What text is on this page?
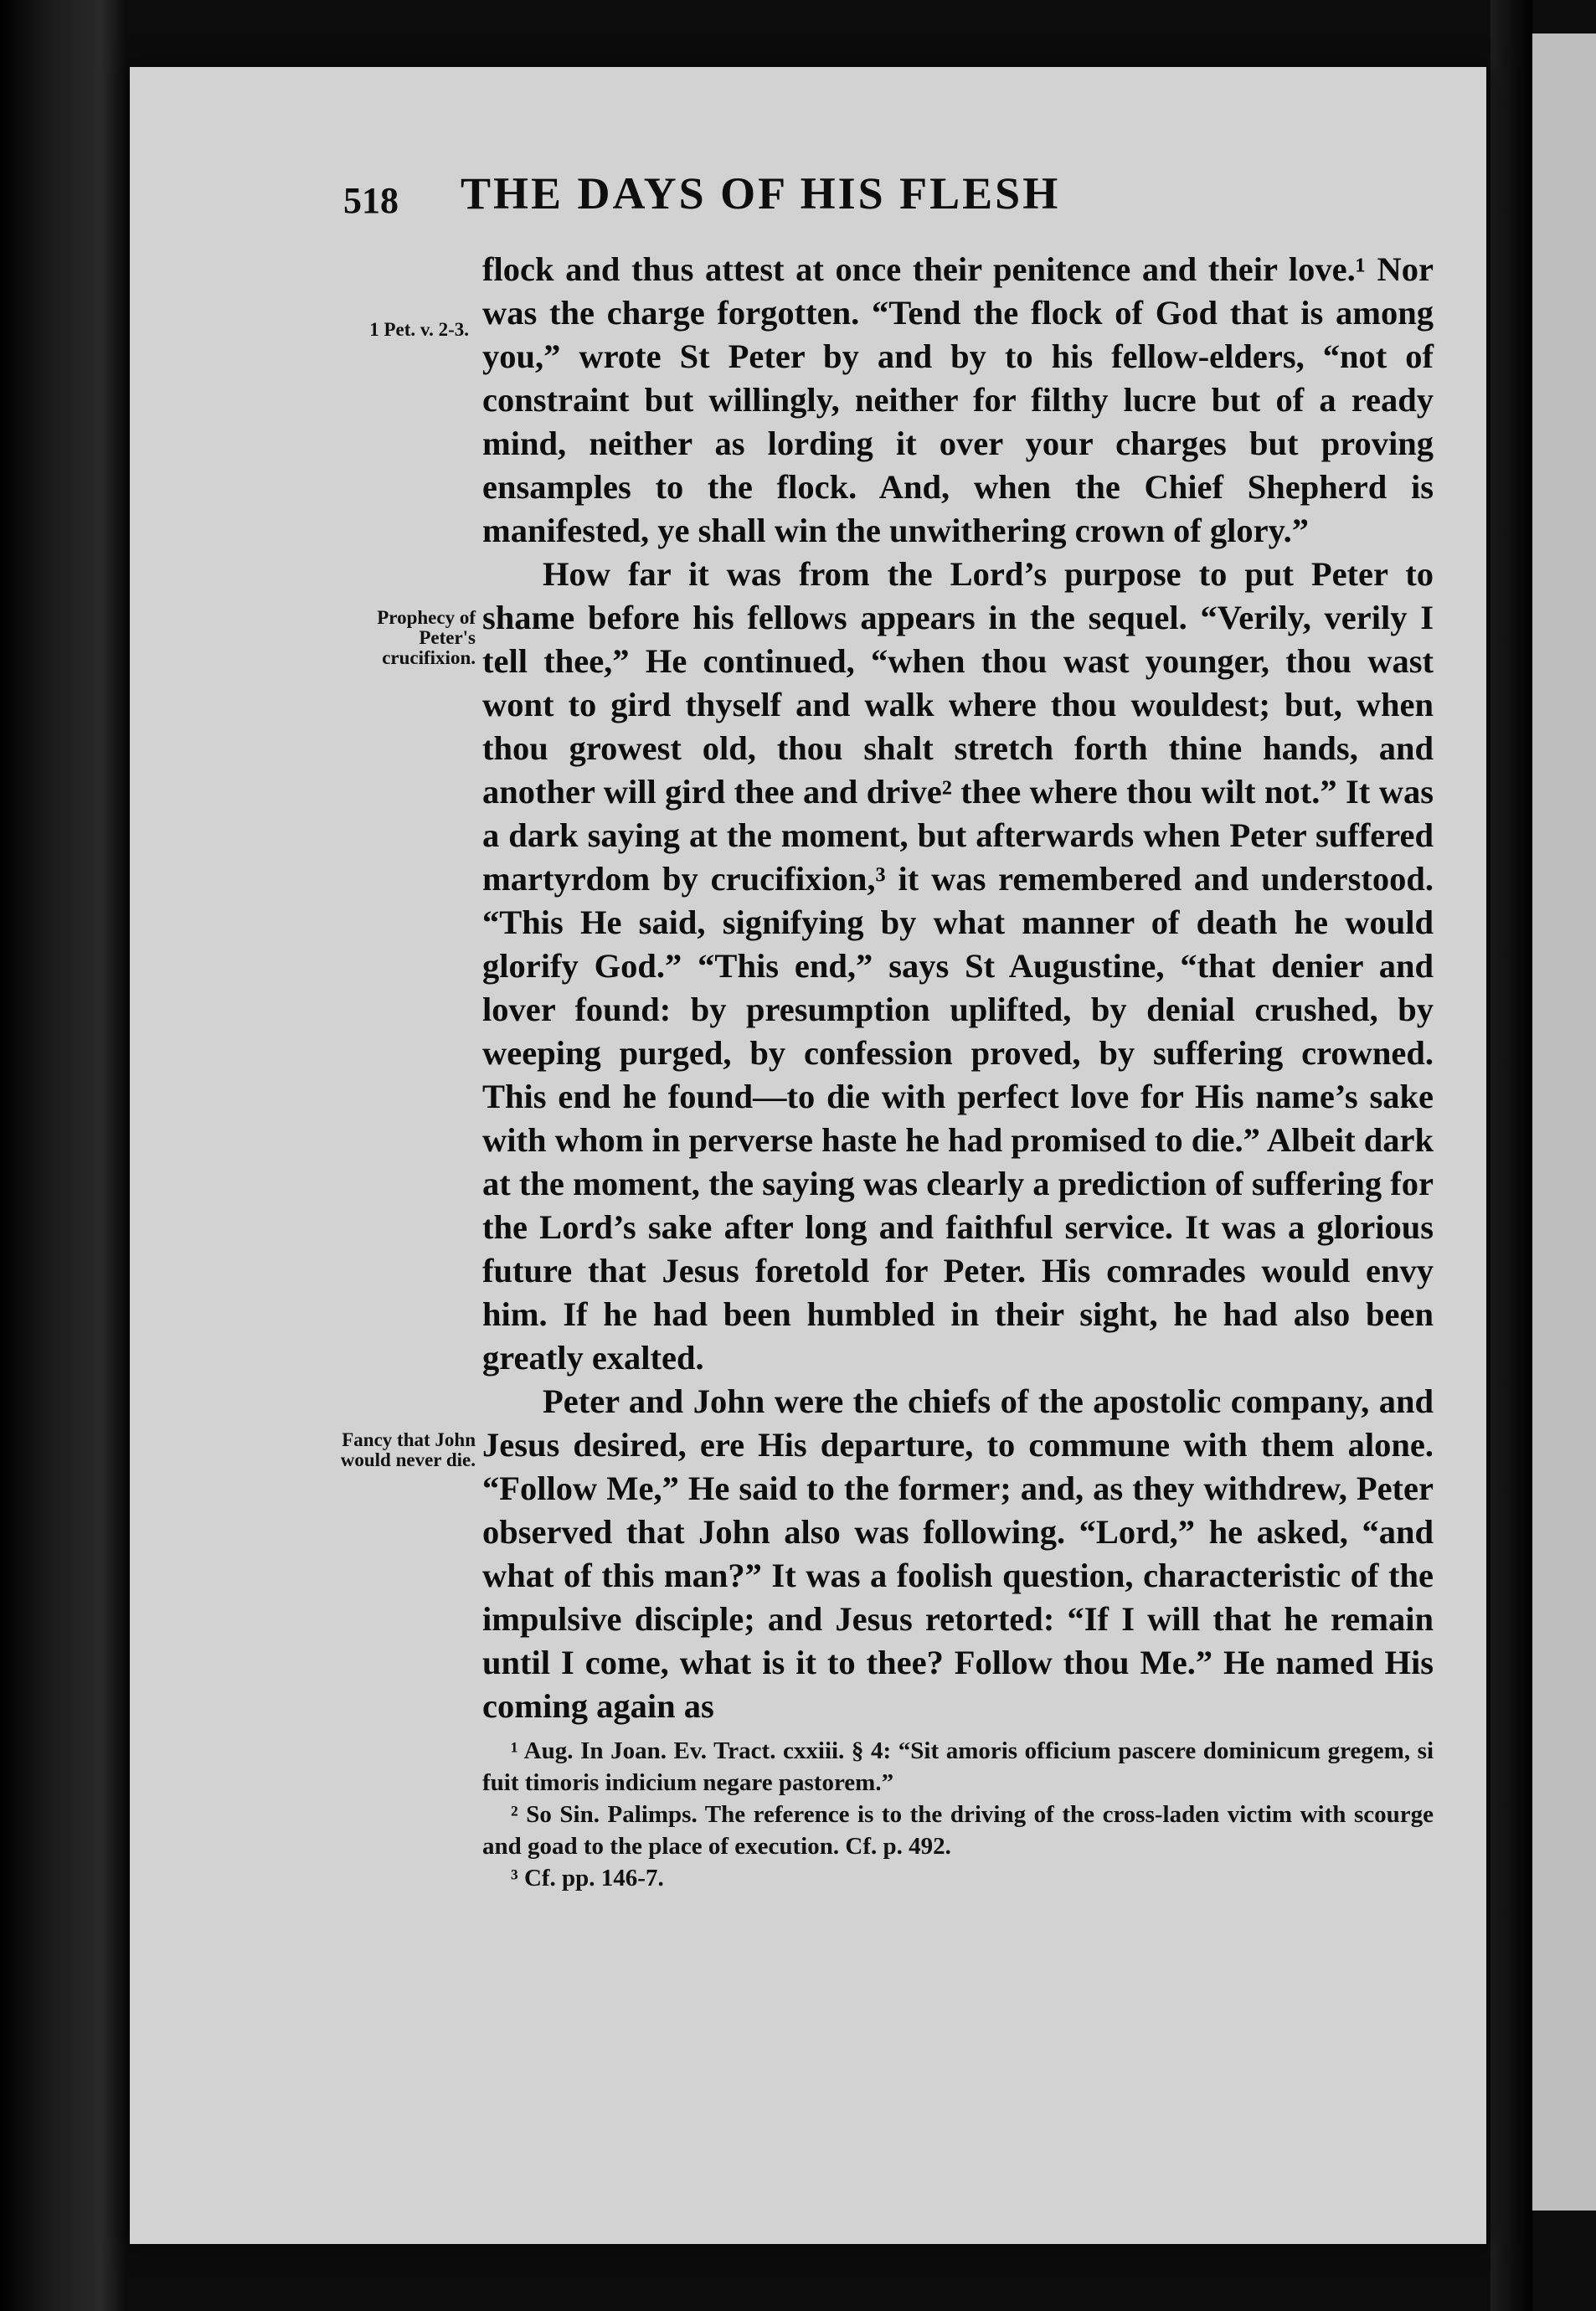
518 THE DAYS OF HIS FLESH
1 Pet. v. 2-3.
Prophecy of Peter's crucifixion.
Fancy that John would never die.

flock and thus attest at once their penitence and their love.¹ Nor was the charge forgotten. “Tend the flock of God that is among you,” wrote St Peter by and by to his fellow-elders, “not of constraint but willingly, neither for filthy lucre but of a ready mind, neither as lording it over your charges but proving ensamples to the flock. And, when the Chief Shepherd is manifested, ye shall win the unwithering crown of glory.”

How far it was from the Lord’s purpose to put Peter to shame before his fellows appears in the sequel. “Verily, verily I tell thee,” He continued, “when thou wast younger, thou wast wont to gird thyself and walk where thou wouldest; but, when thou growest old, thou shalt stretch forth thine hands, and another will gird thee and drive² thee where thou wilt not.” It was a dark saying at the moment, but afterwards when Peter suffered martyrdom by crucifixion,³ it was remembered and understood. “This He said, signifying by what manner of death he would glorify God.” “This end,” says St Augustine, “that denier and lover found: by presumption uplifted, by denial crushed, by weeping purged, by confession proved, by suffering crowned. This end he found—to die with perfect love for His name’s sake with whom in perverse haste he had promised to die.” Albeit dark at the moment, the saying was clearly a prediction of suffering for the Lord’s sake after long and faithful service. It was a glorious future that Jesus foretold for Peter. His comrades would envy him. If he had been humbled in their sight, he had also been greatly exalted.

Peter and John were the chiefs of the apostolic company, and Jesus desired, ere His departure, to commune with them alone. “Follow Me,” He said to the former; and, as they withdrew, Peter observed that John also was following. “Lord,” he asked, “and what of this man?” It was a foolish question, characteristic of the impulsive disciple; and Jesus retorted: “If I will that he remain until I come, what is it to thee? Follow thou Me.” He named His coming again as

¹ Aug. In Joan. Ev. Tract. cxxiii. § 4: “Sit amoris officium pascere dominicum gregem, si fuit timoris indicium negare pastorem.”

² So Sin. Palimps. The reference is to the driving of the cross-laden victim with scourge and goad to the place of execution. Cf. p. 492.

³ Cf. pp. 146-7.
